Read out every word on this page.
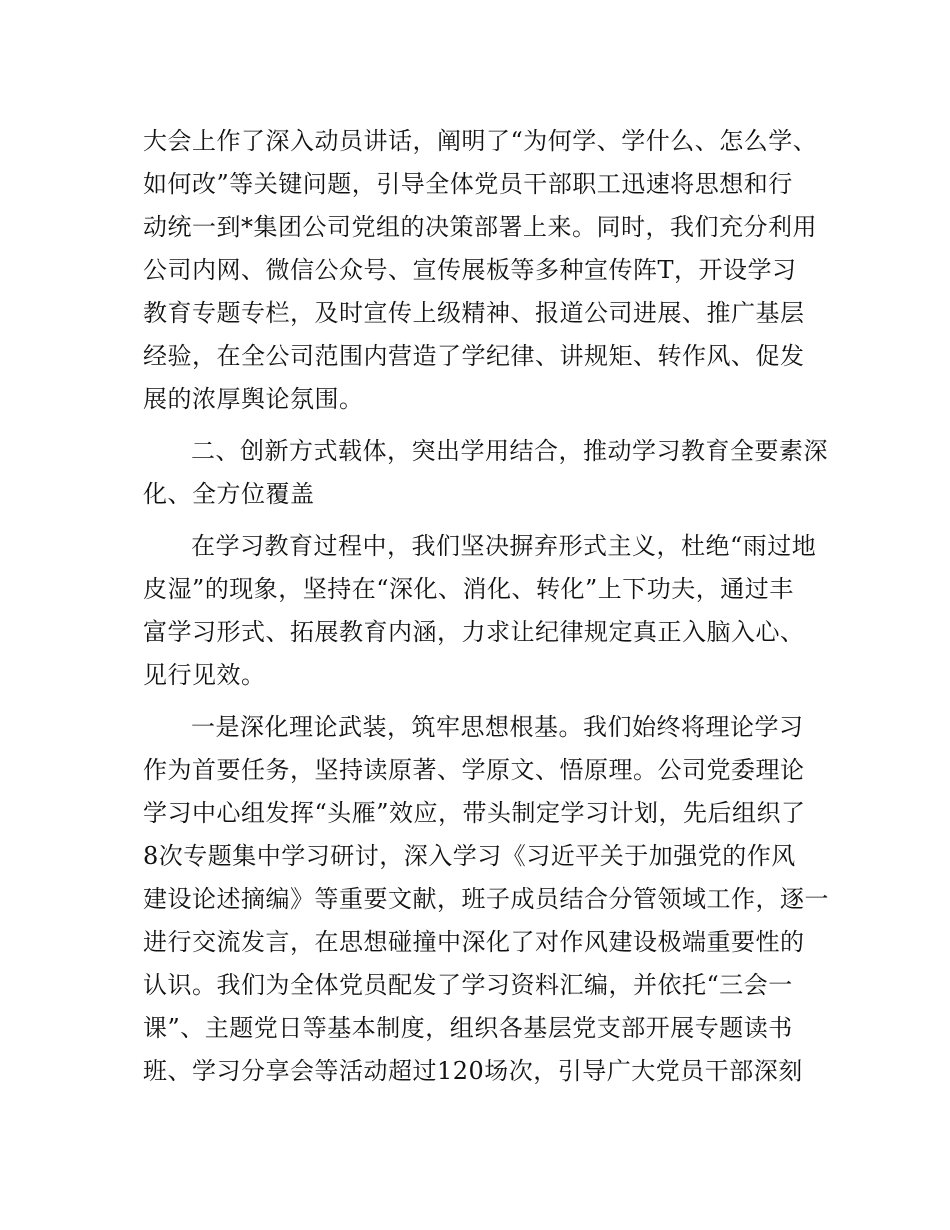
大会上作了深入动员讲话，阐明了“为何学、学什么、怎么学、
如何改”等关键问题，引导全体党员干部职工迅速将思想和行
动统一到*集团公司党组的决策部署上来。同时，我们充分利用
公司内网、微信公众号、宣传展板等多种宣传阵T，开设学习
教育专题专栏，及时宣传上级精神、报道公司进展、推广基层
经验，在全公司范围内营造了学纪律、讲规矩、转作风、促发
展的浓厚舆论氛围。
二、创新方式载体，突出学用结合，推动学习教育全要素深
化、全方位覆盖
在学习教育过程中，我们坚决摒弃形式主义，杜绝“雨过地
皮湿”的现象，坚持在“深化、消化、转化”上下功夫，通过丰
富学习形式、拓展教育内涵，力求让纪律规定真正入脑入心、
见行见效。
一是深化理论武装，筑牢思想根基。我们始终将理论学习
作为首要任务，坚持读原著、学原文、悟原理。公司党委理论
学习中心组发挥“头雁”效应，带头制定学习计划，先后组织了
8次专题集中学习研讨，深入学习《习近平关于加强党的作风
建设论述摘编》等重要文献，班子成员结合分管领域工作，逐一
进行交流发言，在思想碰撞中深化了对作风建设极端重要性的
认识。我们为全体党员配发了学习资料汇编，并依托“三会一
课”、主题党日等基本制度，组织各基层党支部开展专题读书
班、学习分享会等活动超过120场次，引导广大党员干部深刻
